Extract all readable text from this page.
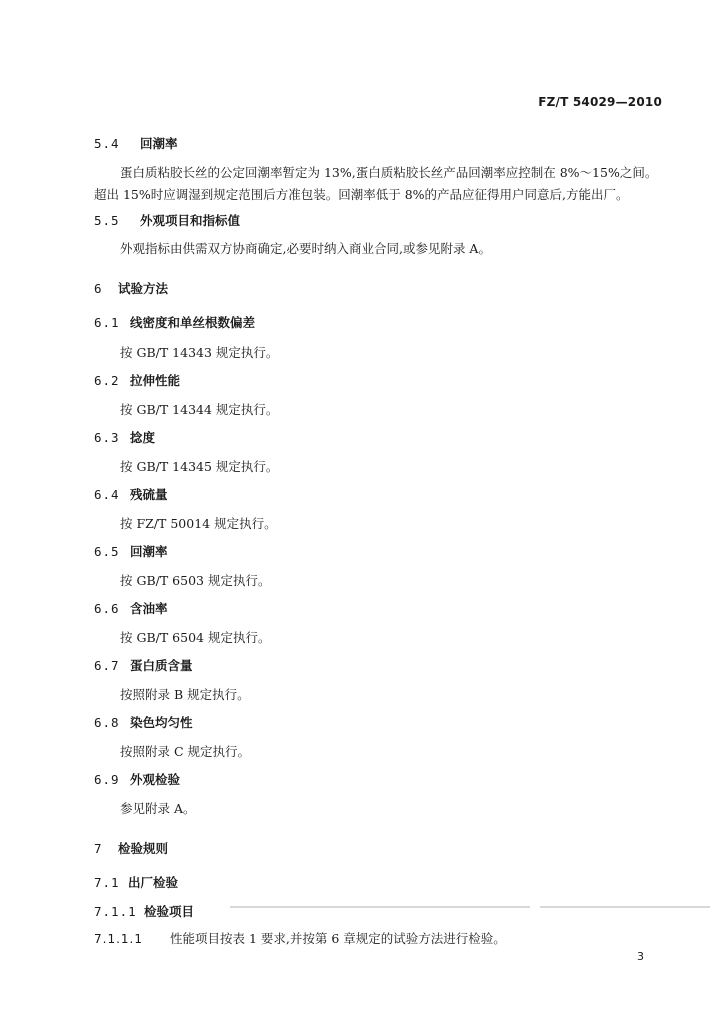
FZ/T 54029—2010
5.4 回潮率
蛋白质粘胶长丝的公定回潮率暂定为 13%,蛋白质粘胶长丝产品回潮率应控制在 8%～15%之间。
超出 15%时应调湿到规定范围后方准包装。回潮率低于 8%的产品应征得用户同意后,方能出厂。
5.5 外观项目和指标值
外观指标由供需双方协商确定,必要时纳入商业合同,或参见附录 A。
6 试验方法
6.1 线密度和单丝根数偏差
按 GB/T 14343 规定执行。
6.2 拉伸性能
按 GB/T 14344 规定执行。
6.3 捻度
按 GB/T 14345 规定执行。
6.4 残硫量
按 FZ/T 50014 规定执行。
6.5 回潮率
按 GB/T 6503 规定执行。
6.6 含油率
按 GB/T 6504 规定执行。
6.7 蛋白质含量
按照附录 B 规定执行。
6.8 染色均匀性
按照附录 C 规定执行。
6.9 外观检验
参见附录 A。
7 检验规则
7.1 出厂检验
7.1.1 检验项目
7.1.1.1 性能项目按表 1 要求,并按第 6 章规定的试验方法进行检验。
3
